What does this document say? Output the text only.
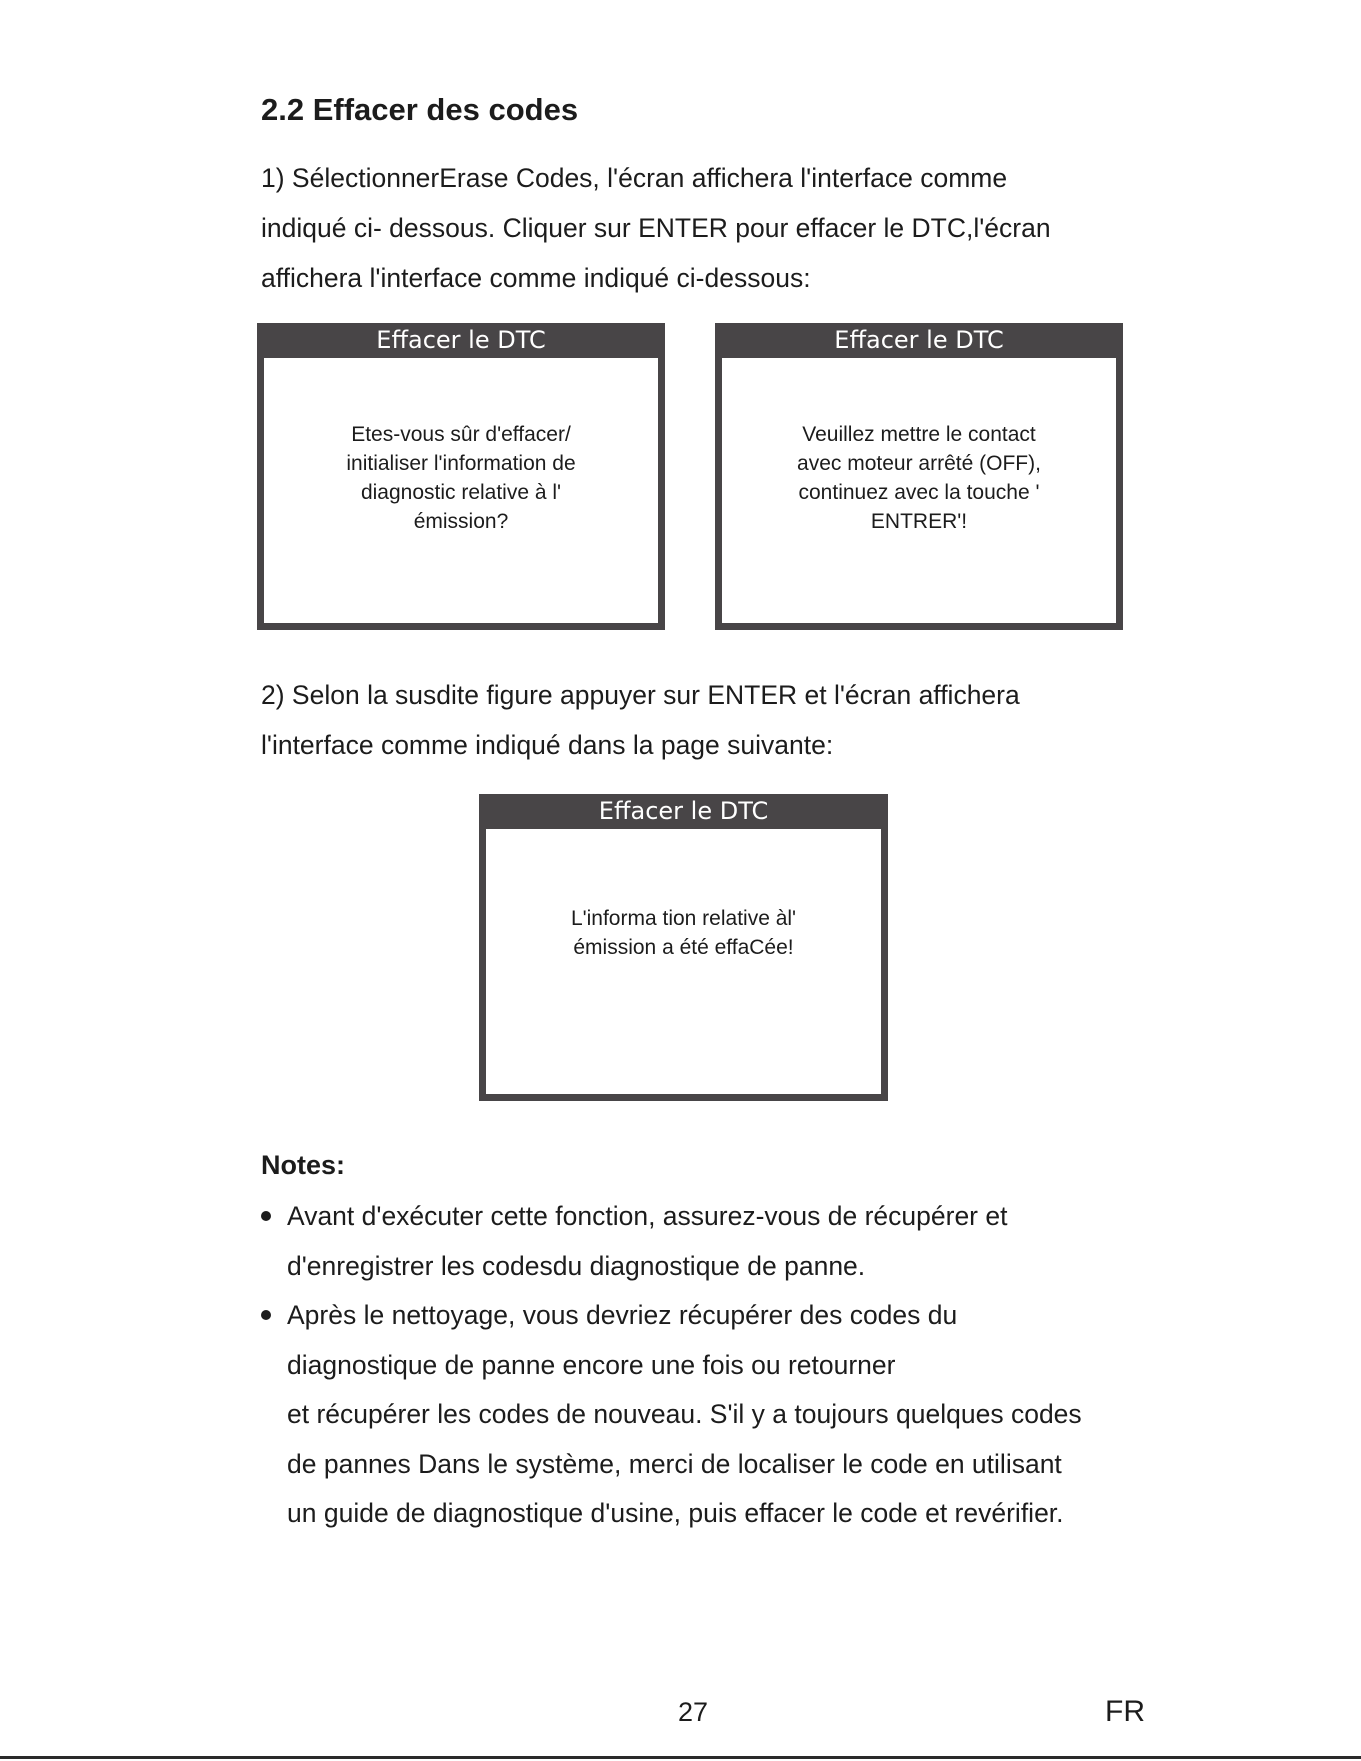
2.2 Effacer des codes
1) SélectionnerErase Codes, l'écran affichera l'interface comme
indiqué ci- dessous. Cliquer sur ENTER pour effacer le DTC,l'écran
affichera l'interface comme indiqué ci-dessous:
Effacer le DTC
Etes-vous sûr d'effacer/
initialiser l'information de
diagnostic relative à l'
émission?
Effacer le DTC
Veuillez mettre le contact
avec moteur arrêté (OFF),
continuez avec la touche '
ENTRER'!
2) Selon la susdite figure appuyer sur ENTER et l'écran affichera
l'interface comme indiqué dans la page suivante:
Effacer le DTC
L'informa tion relative àl'
émission a été effaCée!
Notes:
Avant d'exécuter cette fonction, assurez-vous de récupérer et
d'enregistrer les codesdu diagnostique de panne.
Après le nettoyage, vous devriez récupérer des codes du
diagnostique de panne encore une fois ou retourner
et récupérer les codes de nouveau. S'il y a toujours quelques codes
de pannes Dans le système, merci de localiser le code en utilisant
un guide de diagnostique d'usine, puis effacer le code et revérifier.
27	FR
